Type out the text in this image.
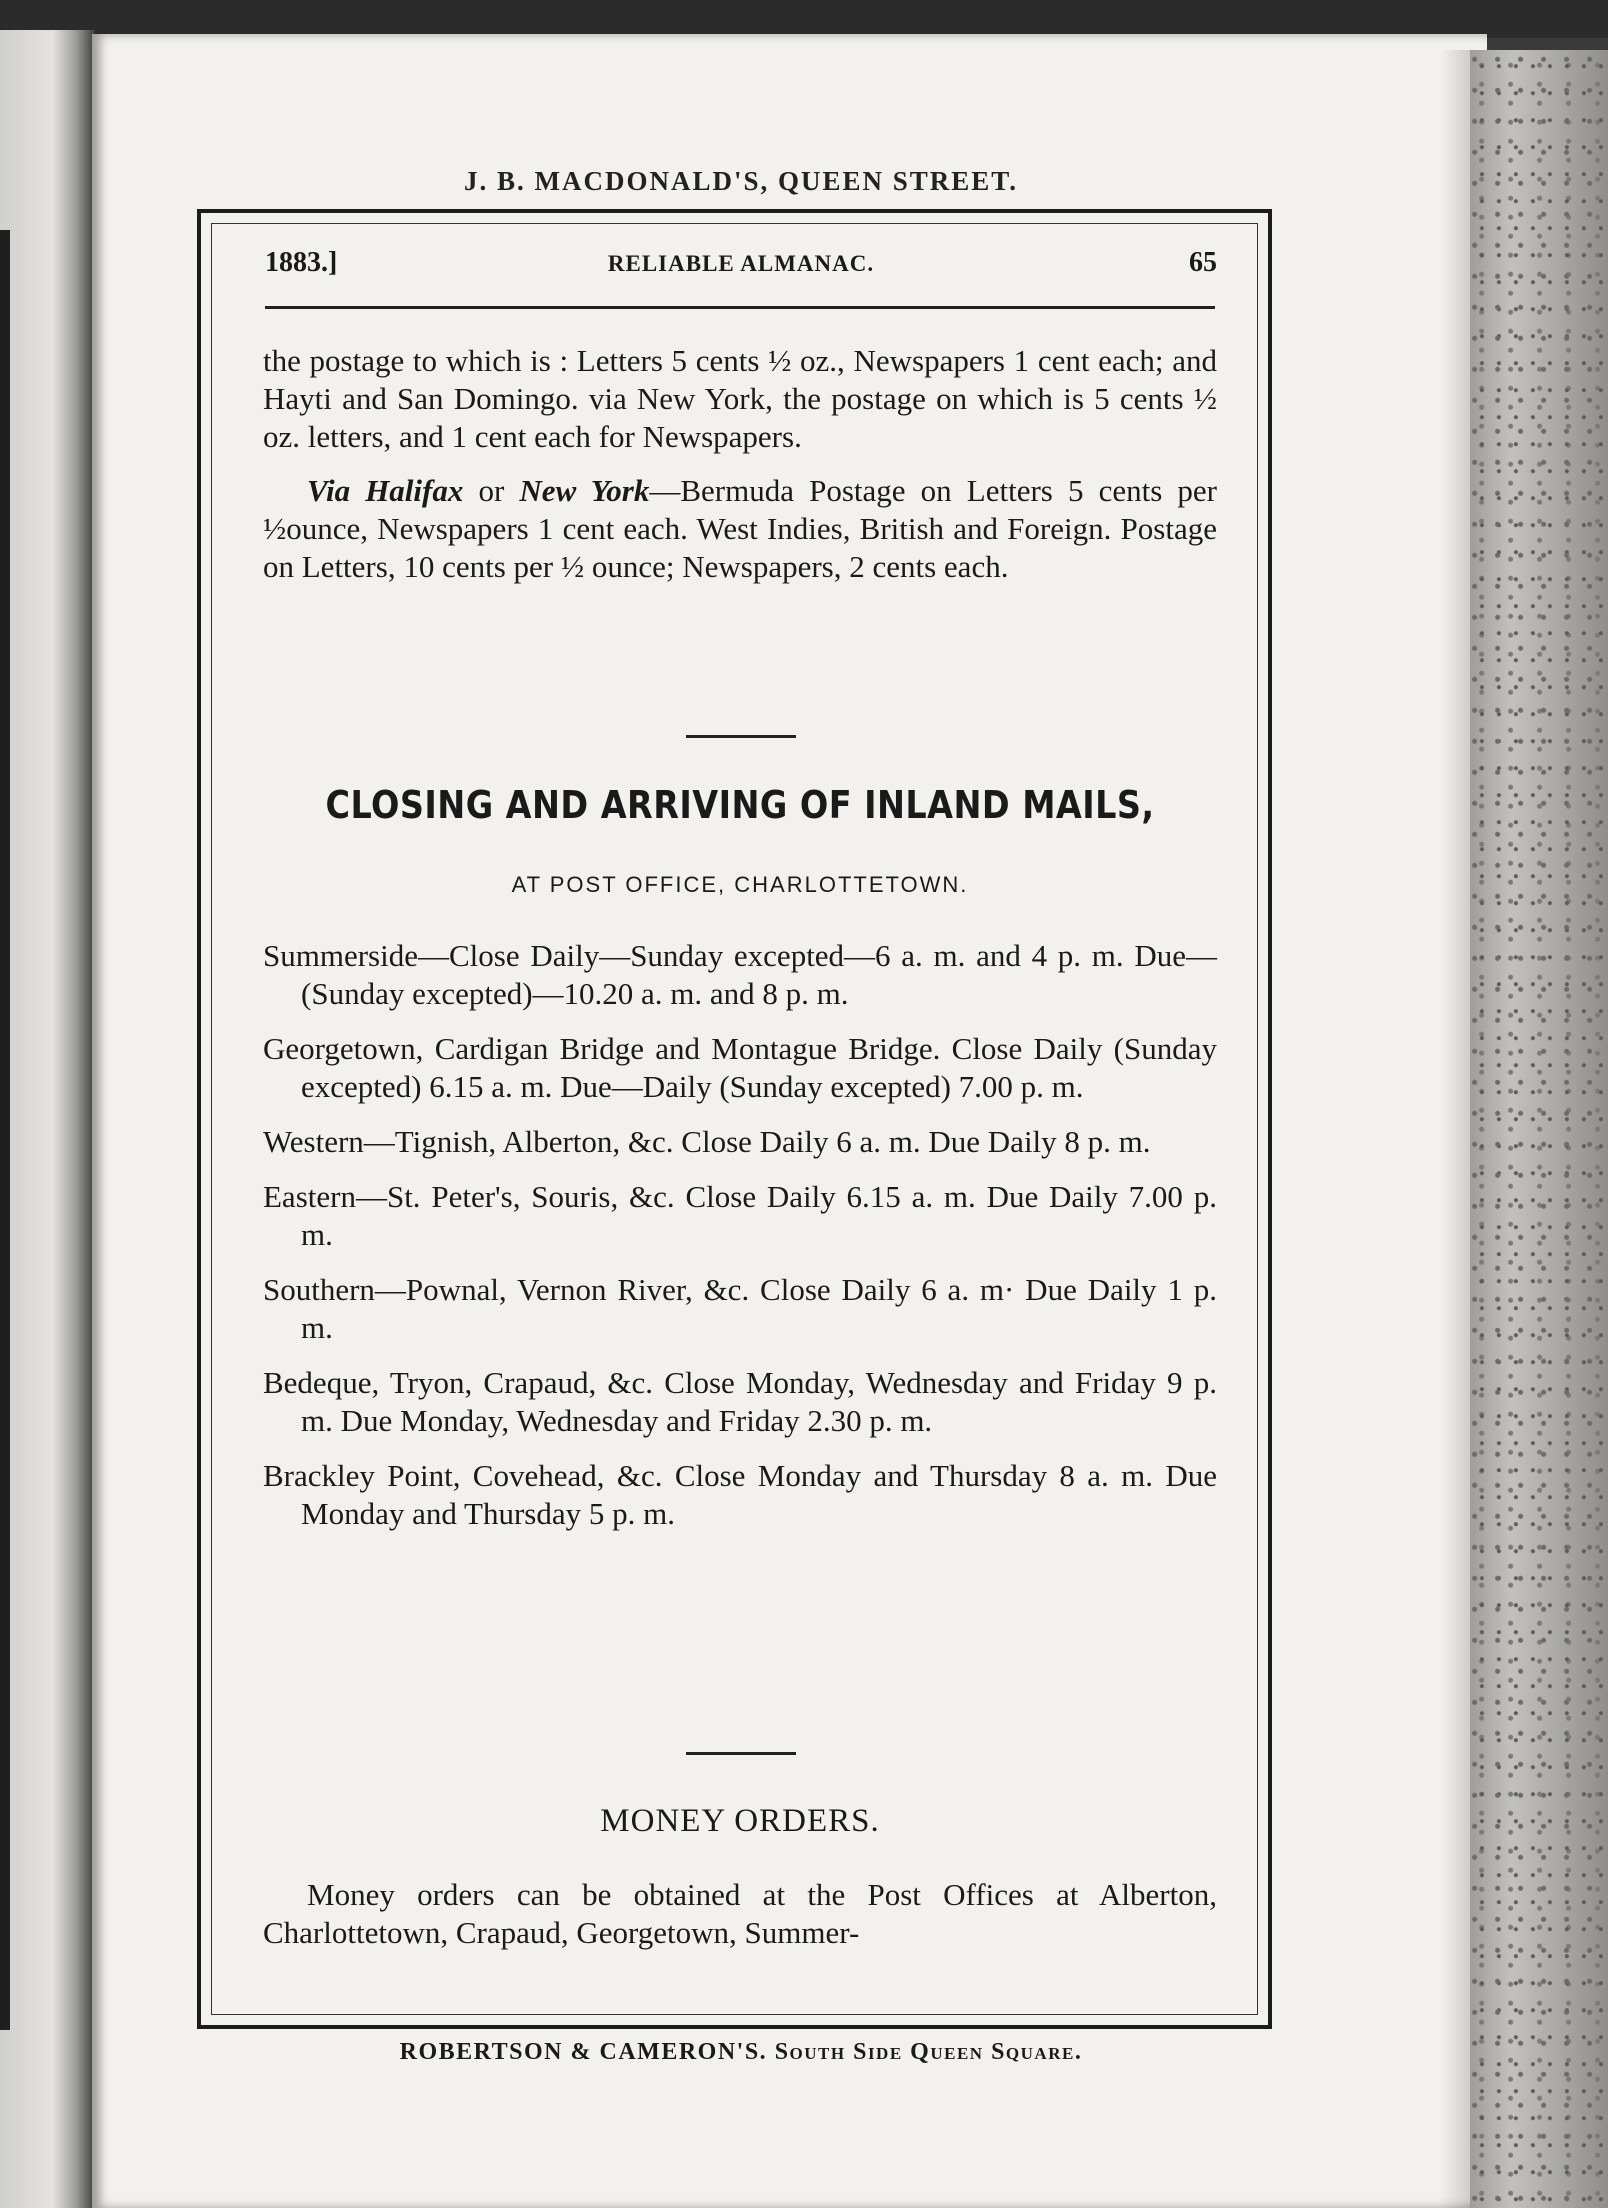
J. B. MACDONALD'S, QUEEN STREET.
1883.]	RELIABLE ALMANAC.	65

the postage to which is : Letters 5 cents ½ oz., Newspapers 1 cent each; and Hayti and San Domingo. via New York, the postage on which is 5 cents ½ oz. letters, and 1 cent each for Newspapers.

Via Halifax or New York—Bermuda Postage on Letters 5 cents per ½ounce, Newspapers 1 cent each. West Indies, British and Foreign. Postage on Letters, 10 cents per ½ ounce; Newspapers, 2 cents each.

CLOSING AND ARRIVING OF INLAND MAILS,
AT POST OFFICE, CHARLOTTETOWN.
Summerside—Close Daily—Sunday excepted—6 a. m. and 4 p. m. Due—(Sunday excepted)—10.20 a. m. and 8 p. m.
Georgetown, Cardigan Bridge and Montague Bridge. Close Daily (Sunday excepted) 6.15 a. m. Due—Daily (Sunday excepted) 7.00 p. m.
Western—Tignish, Alberton, &c. Close Daily 6 a. m. Due Daily 8 p. m.
Eastern—St. Peter's, Souris, &c. Close Daily 6.15 a. m. Due Daily 7.00 p. m.
Southern—Pownal, Vernon River, &c. Close Daily 6 a. m· Due Daily 1 p. m.
Bedeque, Tryon, Crapaud, &c. Close Monday, Wednesday and Friday 9 p. m. Due Monday, Wednesday and Friday 2.30 p. m.
Brackley Point, Covehead, &c. Close Monday and Thursday 8 a. m. Due Monday and Thursday 5 p. m.
MONEY ORDERS.

Money orders can be obtained at the Post Offices at Alberton, Charlottetown, Crapaud, Georgetown, Summer-

ROBERTSON & CAMERON'S. South Side Queen Square.
